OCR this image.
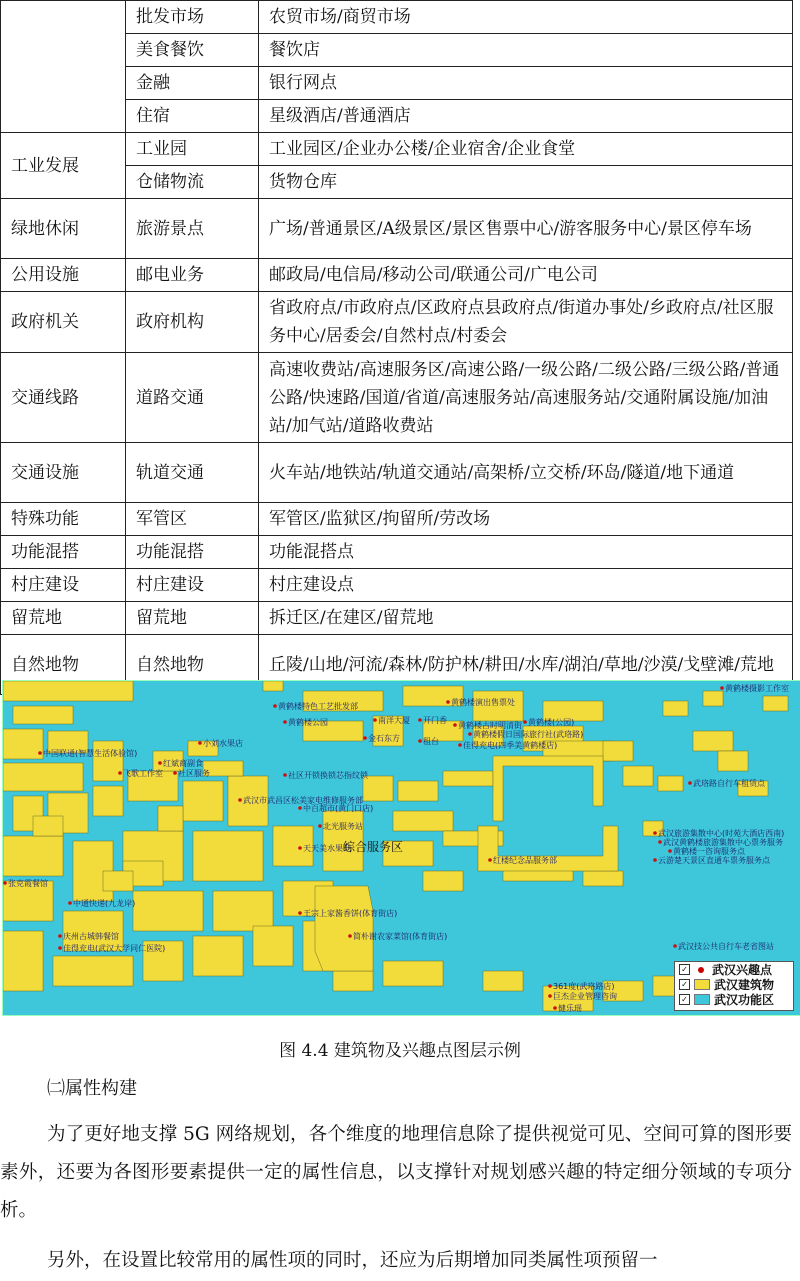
	批发市场	农贸市场/商贸市场
	美食餐饮	餐饮店
	金融	银行网点
	住宿	星级酒店/普通酒店
工业发展	工业园	工业园区/企业办公楼/企业宿舍/企业食堂
	仓储物流	货物仓库
绿地休闲	旅游景点	广场/普通景区/A级景区/景区售票中心/游客服务中心/景区停车场
公用设施	邮电业务	邮政局/电信局/移动公司/联通公司/广电公司
政府机关	政府机构	省政府点/市政府点/区政府点县政府点/街道办事处/乡政府点/社区服务中心/居委会/自然村点/村委会
交通线路	道路交通	高速收费站/高速服务区/高速公路/一级公路/二级公路/三级公路/普通公路/快速路/国道/省道/高速服务站/高速服务站/交通附属设施/加油站/加气站/道路收费站
交通设施	轨道交通	火车站/地铁站/轨道交通站/高架桥/立交桥/环岛/隧道/地下通道
特殊功能	军管区	军管区/监狱区/拘留所/劳改场
功能混搭	功能混搭	功能混搭点
村庄建设	村庄建设	村庄建设点
留荒地	留荒地	拆迁区/在建区/留荒地
自然地物	自然地物	丘陵/山地/河流/森林/防护林/耕田/水库/湖泊/草地/沙漠/戈壁滩/荒地
黄鹤楼摄影工作室
黄鹤楼演出售票处
黄鹤楼特色工艺批发部
黄鹤楼公园	南洋大厦 开门香
黄鹤楼古时明清街 黄鹤楼(公园)
黄鹤楼假日国际旅行社(武珞路)
金石东方	租台	佳得充电(四季美黄鹤楼店)
中国联通(智慧生活体验馆)
红斌商副食
小刘水果店
飞歌工作室 社区服务
武珞路自行车租赁点
社区开锁换锁芯指纹锁
武汉市武昌区松美家电维修服务部
中百超市(黄门口店)
武汉旅游集散中心(时苑大酒店西南)
武汉黄鹤楼旅游集散中心票务服务
黄鹤楼一咨询服务点
云游楚天景区直通车票务服务点
红楼纪念品服务部
天天美水果吧
北光服务站
王宗上家酱香饼(体育街店)
简朴谢农家菜馆(体育街店)
武汉技公共自行车老省图站
庆州古城韩餐馆
佳得充电(武汉大学同仁医院)
张克霞餐馆
中通快递(九龙岸)
361度(武珞路店)
巨杰企业管理咨询
健乐瑶
综合服务区
✓ 武汉兴趣点
✓ 武汉建筑物
✓ 武汉功能区
图 4.4 建筑物及兴趣点图层示例
㈡属性构建
为了更好地支撑 5G 网络规划，各个维度的地理信息除了提供视觉可见、空间可算的图形要素外，还要为各图形要素提供一定的属性信息，以支撑针对规划感兴趣的特定细分领域的专项分析。
另外，在设置比较常用的属性项的同时，还应为后期增加同类属性项预留一
